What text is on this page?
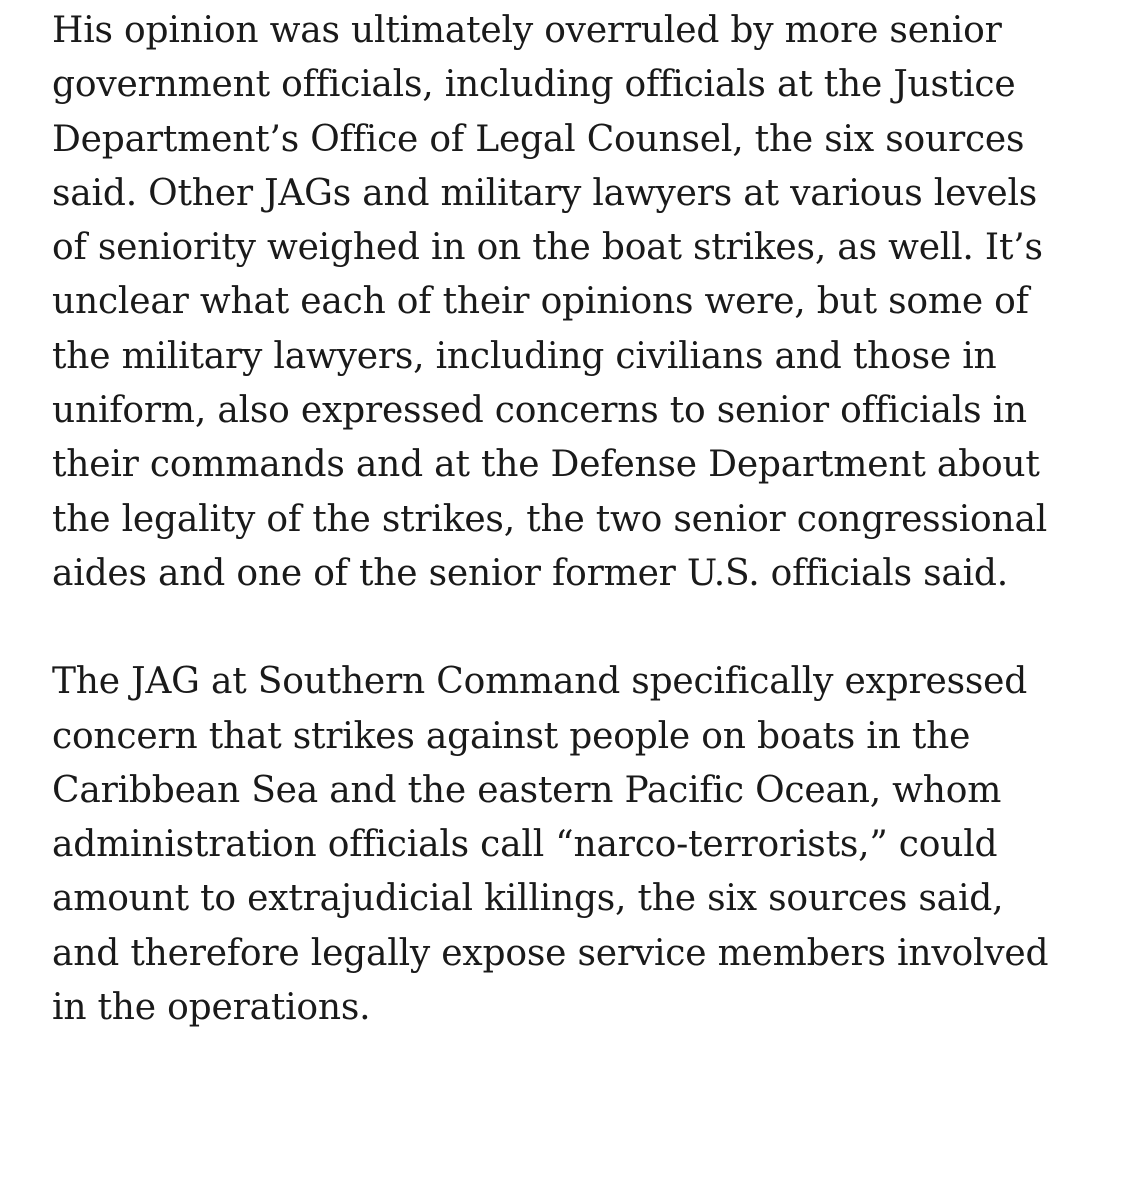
His opinion was ultimately overruled by more senior
government officials, including officials at the Justice
Department’s Office of Legal Counsel, the six sources
said. Other JAGs and military lawyers at various levels
of seniority weighed in on the boat strikes, as well. It’s
unclear what each of their opinions were, but some of
the military lawyers, including civilians and those in
uniform, also expressed concerns to senior officials in
their commands and at the Defense Department about
the legality of the strikes, the two senior congressional
aides and one of the senior former U.S. officials said.

The JAG at Southern Command specifically expressed
concern that strikes against people on boats in the
Caribbean Sea and the eastern Pacific Ocean, whom
administration officials call “narco-terrorists,” could
amount to extrajudicial killings, the six sources said,
and therefore legally expose service members involved
in the operations.
